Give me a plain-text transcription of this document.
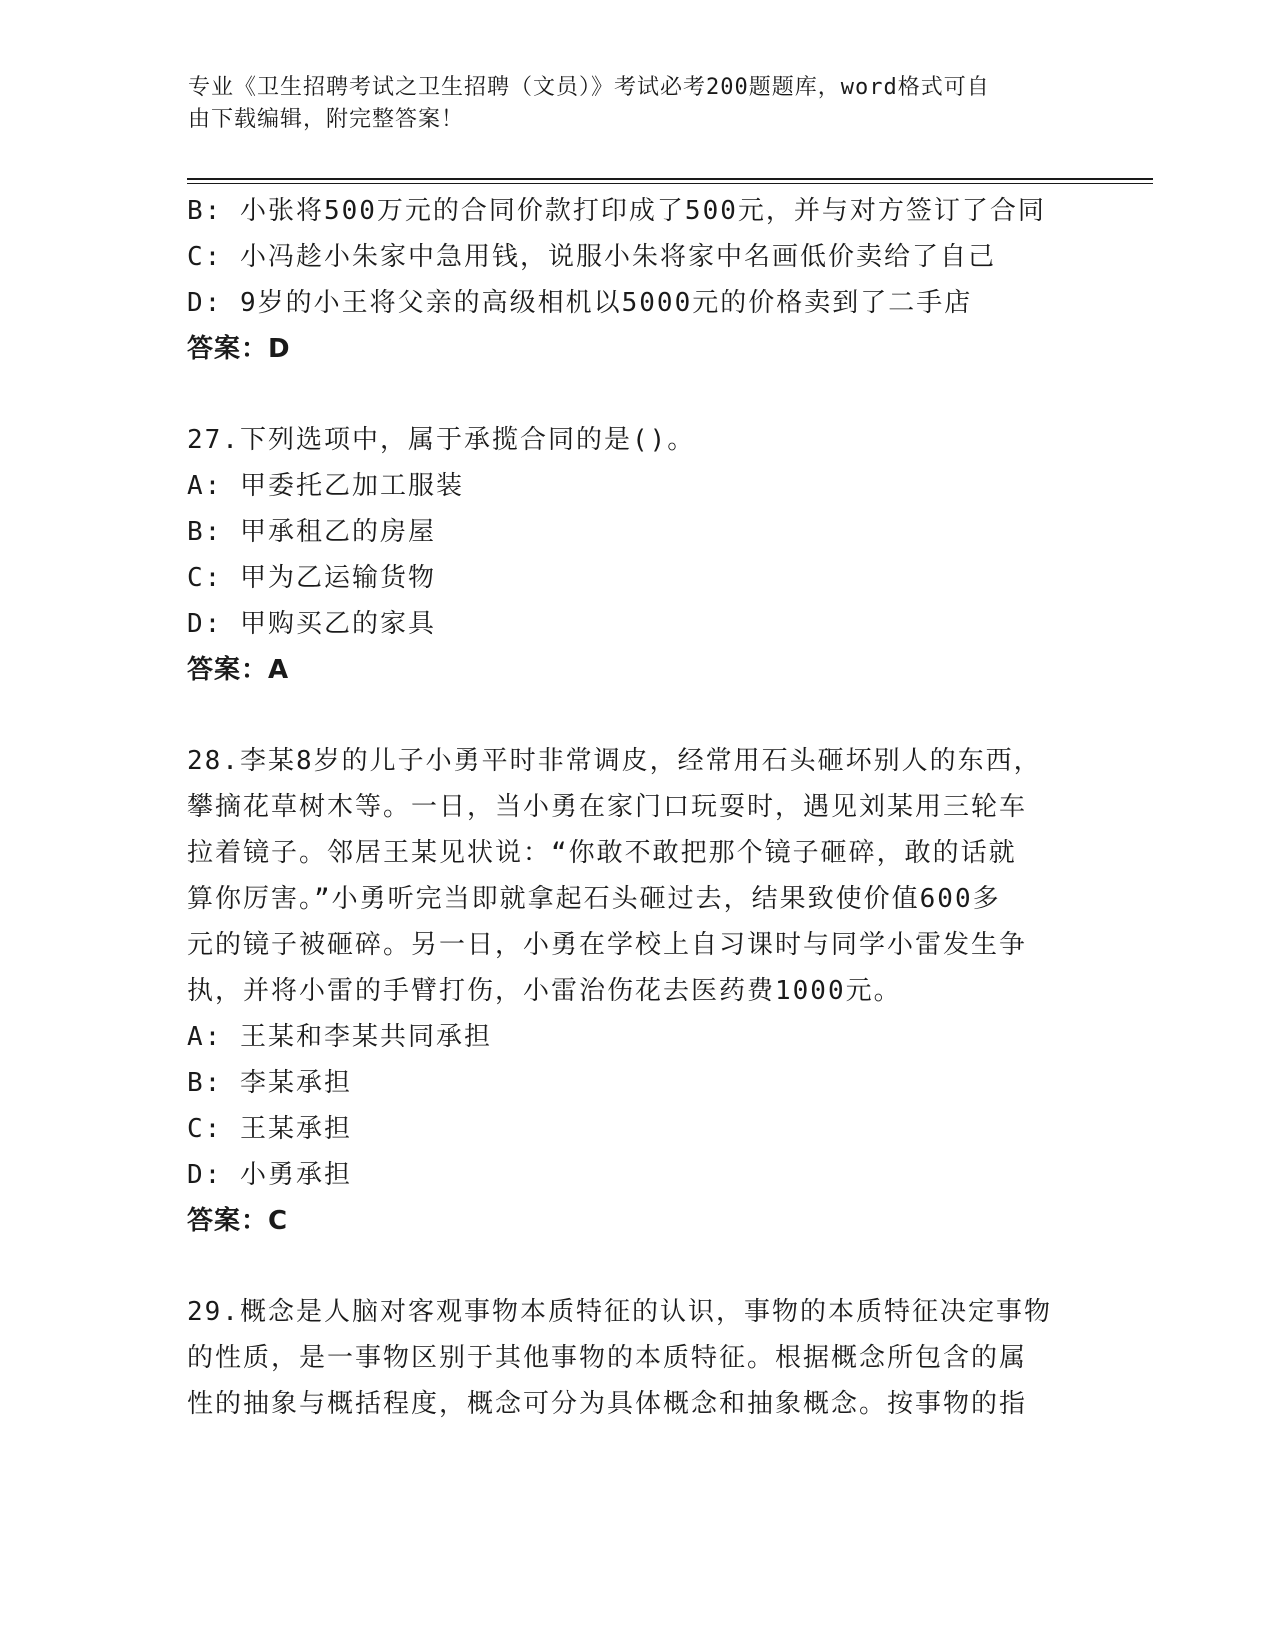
专业《卫生招聘考试之卫生招聘（文员）》考试必考200题题库，word格式可自
由下载编辑，附完整答案！
B: 小张将500万元的合同价款打印成了500元，并与对方签订了合同
C: 小冯趁小朱家中急用钱，说服小朱将家中名画低价卖给了自己
D: 9岁的小王将父亲的高级相机以5000元的价格卖到了二手店
答案：D
27.下列选项中，属于承揽合同的是()。
A: 甲委托乙加工服装
B: 甲承租乙的房屋
C: 甲为乙运输货物
D: 甲购买乙的家具
答案：A
28.李某8岁的儿子小勇平时非常调皮，经常用石头砸坏别人的东西，
攀摘花草树木等。一日，当小勇在家门口玩耍时，遇见刘某用三轮车
拉着镜子。邻居王某见状说：“你敢不敢把那个镜子砸碎，敢的话就
算你厉害。”小勇听完当即就拿起石头砸过去，结果致使价值600多
元的镜子被砸碎。另一日，小勇在学校上自习课时与同学小雷发生争
执，并将小雷的手臂打伤，小雷治伤花去医药费1000元。
A: 王某和李某共同承担
B: 李某承担
C: 王某承担
D: 小勇承担
答案：C
29.概念是人脑对客观事物本质特征的认识，事物的本质特征决定事物
的性质，是一事物区别于其他事物的本质特征。根据概念所包含的属
性的抽象与概括程度，概念可分为具体概念和抽象概念。按事物的指
